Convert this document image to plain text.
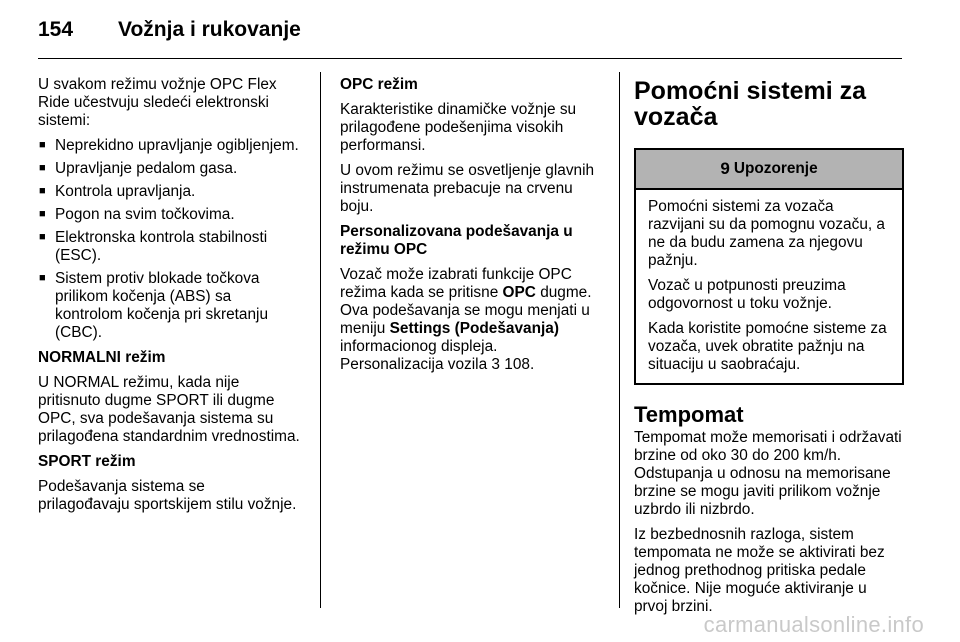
154 Vožnja i rukovanje

U svakom režimu vožnje OPC Flex Ride učestvuju sledeći elektronski sistemi:

■ Neprekidno upravljanje ogibljenjem.
■ Upravljanje pedalom gasa.
■ Kontrola upravljanja.
■ Pogon na svim točkovima.
■ Elektronska kontrola stabilnosti (ESC).
■ Sistem protiv blokade točkova prilikom kočenja (ABS) sa kontrolom kočenja pri skretanju (CBC).

NORMALNI režim

U NORMAL režimu, kada nije pritisnuto dugme SPORT ili dugme OPC, sva podešavanja sistema su prilagođena standardnim vrednostima.

SPORT režim

Podešavanja sistema se prilagođavaju sportskijem stilu vožnje.

OPC režim

Karakteristike dinamičke vožnje su prilagođene podešenjima visokih performansi.

U ovom režimu se osvetljenje glavnih instrumenata prebacuje na crvenu boju.

Personalizovana podešavanja u režimu OPC

Vozač može izabrati funkcije OPC režima kada se pritisne OPC dugme. Ova podešavanja se mogu menjati u meniju Settings (Podešavanja) informacionog displeja.
Personalizacija vozila 3 108.

Pomoćni sistemi za vozača
9 Upozorenje

Pomoćni sistemi za vozača razvijani su da pomognu vozaču, a ne da budu zamena za njegovu pažnju.

Vozač u potpunosti preuzima odgovornost u toku vožnje.

Kada koristite pomoćne sisteme za vozača, uvek obratite pažnju na situaciju u saobraćaju.

Tempomat

Tempomat može memorisati i održavati brzine od oko 30 do 200 km/h. Odstupanja u odnosu na memorisane brzine se mogu javiti prilikom vožnje uzbrdo ili nizbrdo.

Iz bezbednosnih razloga, sistem tempomata ne može se aktivirati bez jednog prethodnog pritiska pedale kočnice. Nije moguće aktiviranje u prvoj brzini.

carmanualsonline.info
